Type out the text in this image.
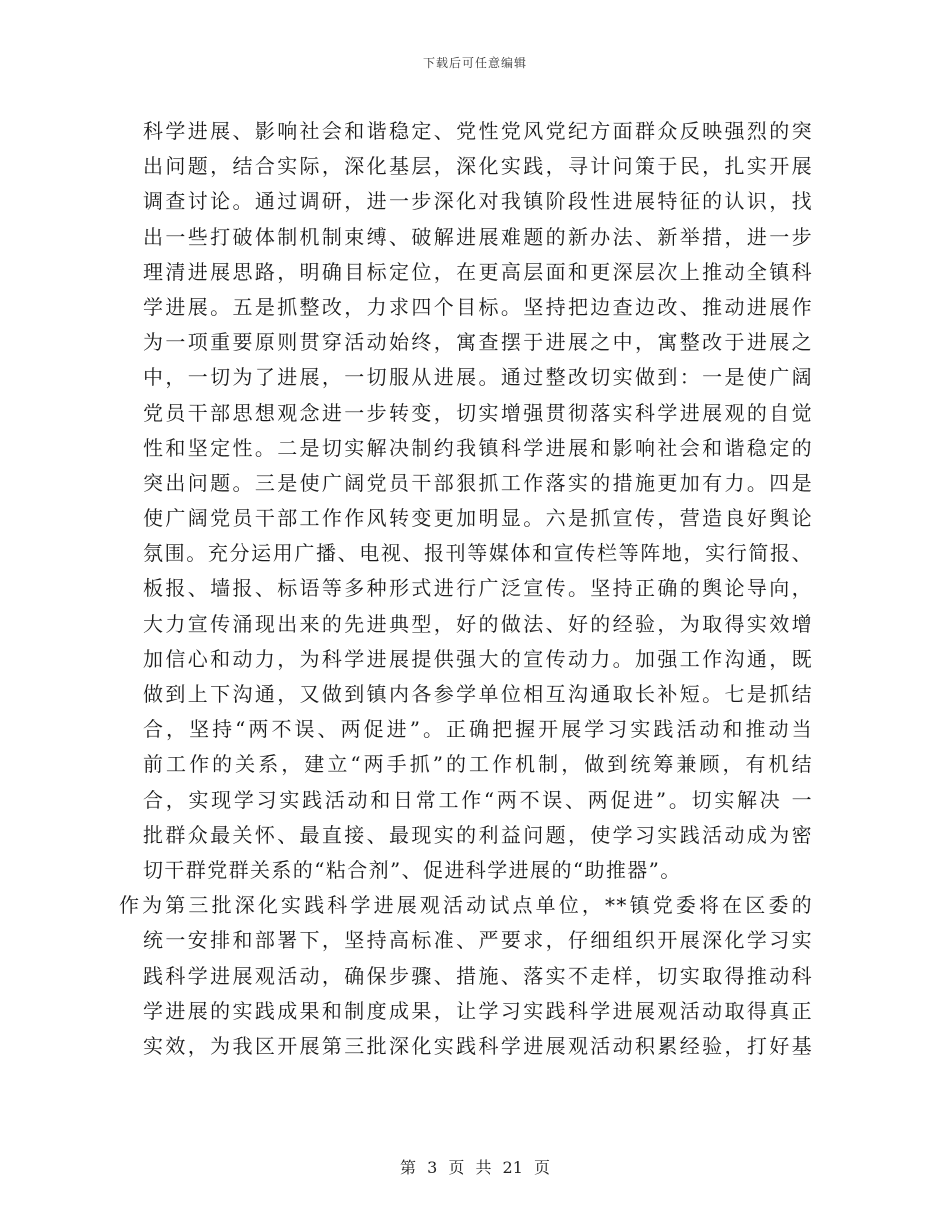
下载后可任意编辑
科学进展、影响社会和谐稳定、党性党风党纪方面群众反映强烈的突
出问题，结合实际，深化基层，深化实践，寻计问策于民，扎实开展
调查讨论。通过调研，进一步深化对我镇阶段性进展特征的认识，找
出一些打破体制机制束缚、破解进展难题的新办法、新举措，进一步
理清进展思路，明确目标定位，在更高层面和更深层次上推动全镇科
学进展。五是抓整改，力求四个目标。坚持把边查边改、推动进展作
为一项重要原则贯穿活动始终，寓查摆于进展之中，寓整改于进展之
中，一切为了进展，一切服从进展。通过整改切实做到：一是使广阔
党员干部思想观念进一步转变，切实增强贯彻落实科学进展观的自觉
性和坚定性。二是切实解决制约我镇科学进展和影响社会和谐稳定的
突出问题。三是使广阔党员干部狠抓工作落实的措施更加有力。四是
使广阔党员干部工作作风转变更加明显。六是抓宣传，营造良好舆论
氛围。充分运用广播、电视、报刊等媒体和宣传栏等阵地，实行简报、
板报、墙报、标语等多种形式进行广泛宣传。坚持正确的舆论导向，
大力宣传涌现出来的先进典型，好的做法、好的经验，为取得实效增
加信心和动力，为科学进展提供强大的宣传动力。加强工作沟通，既
做到上下沟通，又做到镇内各参学单位相互沟通取长补短。七是抓结
合，坚持“两不误、两促进”。正确把握开展学习实践活动和推动当
前工作的关系，建立“两手抓”的工作机制，做到统筹兼顾，有机结
合，实现学习实践活动和日常工作“两不误、两促进”。切实解决 一
批群众最关怀、最直接、最现实的利益问题，使学习实践活动成为密
切干群党群关系的“粘合剂”、促进科学进展的“助推器”。
作为第三批深化实践科学进展观活动试点单位，**镇党委将在区委的
统一安排和部署下，坚持高标准、严要求，仔细组织开展深化学习实
践科学进展观活动，确保步骤、措施、落实不走样，切实取得推动科
学进展的实践成果和制度成果，让学习实践科学进展观活动取得真正
实效，为我区开展第三批深化实践科学进展观活动积累经验，打好基
第 3 页 共 21 页
